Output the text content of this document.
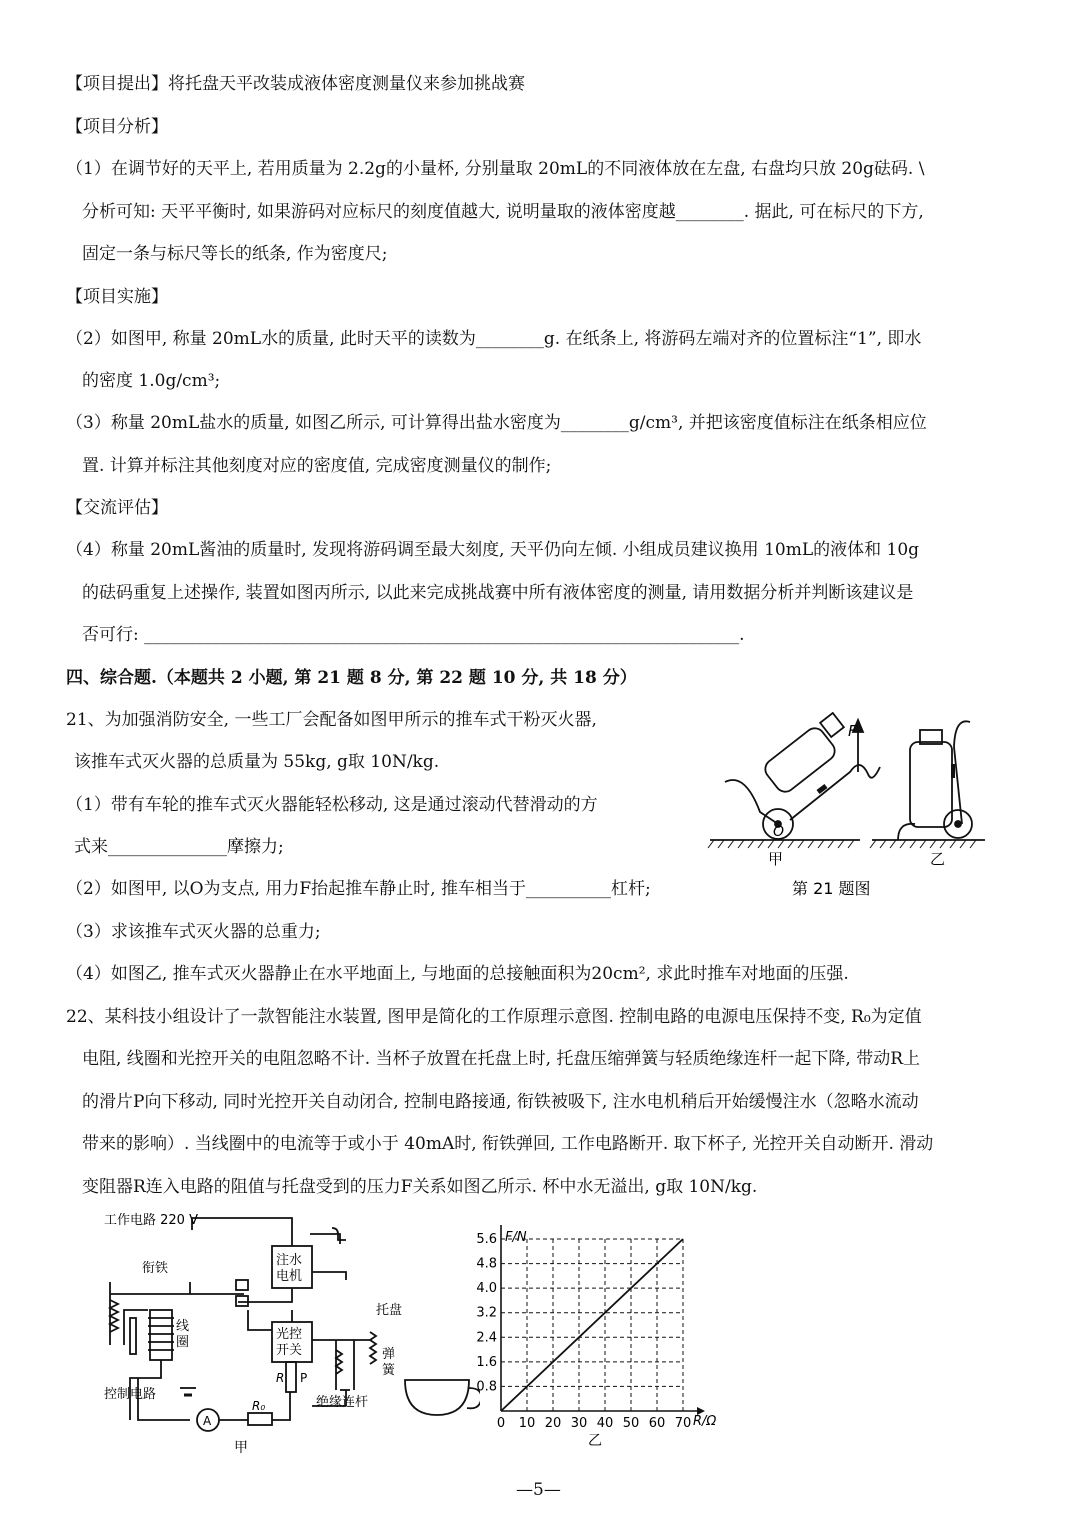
【项目提出】将托盘天平改装成液体密度测量仪来参加挑战赛
【项目分析】
（1）在调节好的天平上, 若用质量为 2.2g的小量杯, 分别量取 20mL的不同液体放在左盘, 右盘均只放 20g砝码. \
分析可知: 天平平衡时, 如果游码对应标尺的刻度值越大, 说明量取的液体密度越________. 据此, 可在标尺的下方,
固定一条与标尺等长的纸条, 作为密度尺;
【项目实施】
（2）如图甲, 称量 20mL水的质量, 此时天平的读数为________g. 在纸条上, 将游码左端对齐的位置标注“1”, 即水
的密度 1.0g/cm³;
（3）称量 20mL盐水的质量, 如图乙所示, 可计算得出盐水密度为________g/cm³, 并把该密度值标注在纸条相应位
置. 计算并标注其他刻度对应的密度值, 完成密度测量仪的制作;
【交流评估】
（4）称量 20mL酱油的质量时, 发现将游码调至最大刻度, 天平仍向左倾. 小组成员建议换用 10mL的液体和 10g
的砝码重复上述操作, 装置如图丙所示, 以此来完成挑战赛中所有液体密度的测量, 请用数据分析并判断该建议是
否可行: ______________________________________________________________________.
四、综合题.（本题共 2 小题, 第 21 题 8 分, 第 22 题 10 分, 共 18 分）
21、为加强消防安全, 一些工厂会配备如图甲所示的推车式干粉灭火器,
该推车式灭火器的总质量为 55kg, g取 10N/kg.
（1）带有车轮的推车式灭火器能轻松移动, 这是通过滚动代替滑动的方
式来______________摩擦力;
（2）如图甲, 以O为支点, 用力F抬起推车静止时, 推车相当于__________杠杆;
（3）求该推车式灭火器的总重力;
（4）如图乙, 推车式灭火器静止在水平地面上, 与地面的总接触面积为20cm², 求此时推车对地面的压强.
22、某科技小组设计了一款智能注水装置, 图甲是简化的工作原理示意图. 控制电路的电源电压保持不变, R₀为定值
电阻, 线圈和光控开关的电阻忽略不计. 当杯子放置在托盘上时, 托盘压缩弹簧与轻质绝缘连杆一起下降, 带动R上
的滑片P向下移动, 同时光控开关自动闭合, 控制电路接通, 衔铁被吸下, 注水电机稍后开始缓慢注水（忽略水流动
带来的影响）. 当线圈中的电流等于或小于 40mA时, 衔铁弹回, 工作电路断开. 取下杯子, 光控开关自动断开. 滑动
变阻器R连入电路的阻值与托盘受到的压力F关系如图乙所示. 杯中水无溢出, g取 10N/kg.
F
O
甲	乙
第 21 题图
工作电路 220 V
衔铁
注水
电机
线
圈
光控
开关
托盘
弹
簧
控制电路
A
R₀
R P
绝缘连杆
甲
F/N
R/Ω
乙
0 10 20 30 40 50 60 70
0.8
1.6
2.4
3.2
4.0
4.8
5.6
—5—
